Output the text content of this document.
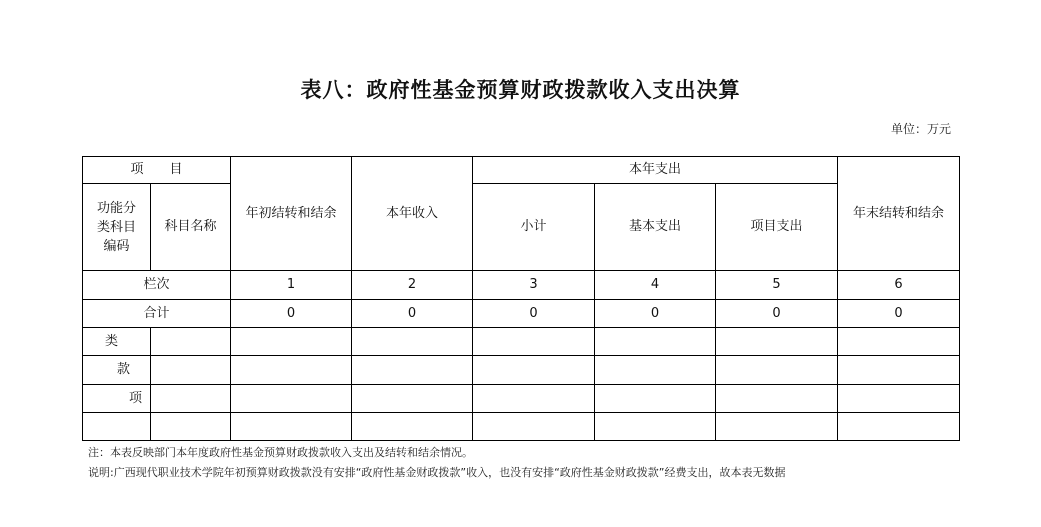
表八：政府性基金预算财政拨款收入支出决算
单位：万元
项　　目		年初结转和结余	本年收入	本年支出			年末结转和结余
功能分类科目编码	科目名称			小计	基本支出	项目支出	
栏次		1	2	3	4	5	6
合计		0	0	0	0	0	0
类							
款							
项							

注：本表反映部门本年度政府性基金预算财政拨款收入支出及结转和结余情况。
说明:广西现代职业技术学院年初预算财政拨款没有安排“政府性基金财政拨款”收入，也没有安排“政府性基金财政拨款”经费支出，故本表无数据
